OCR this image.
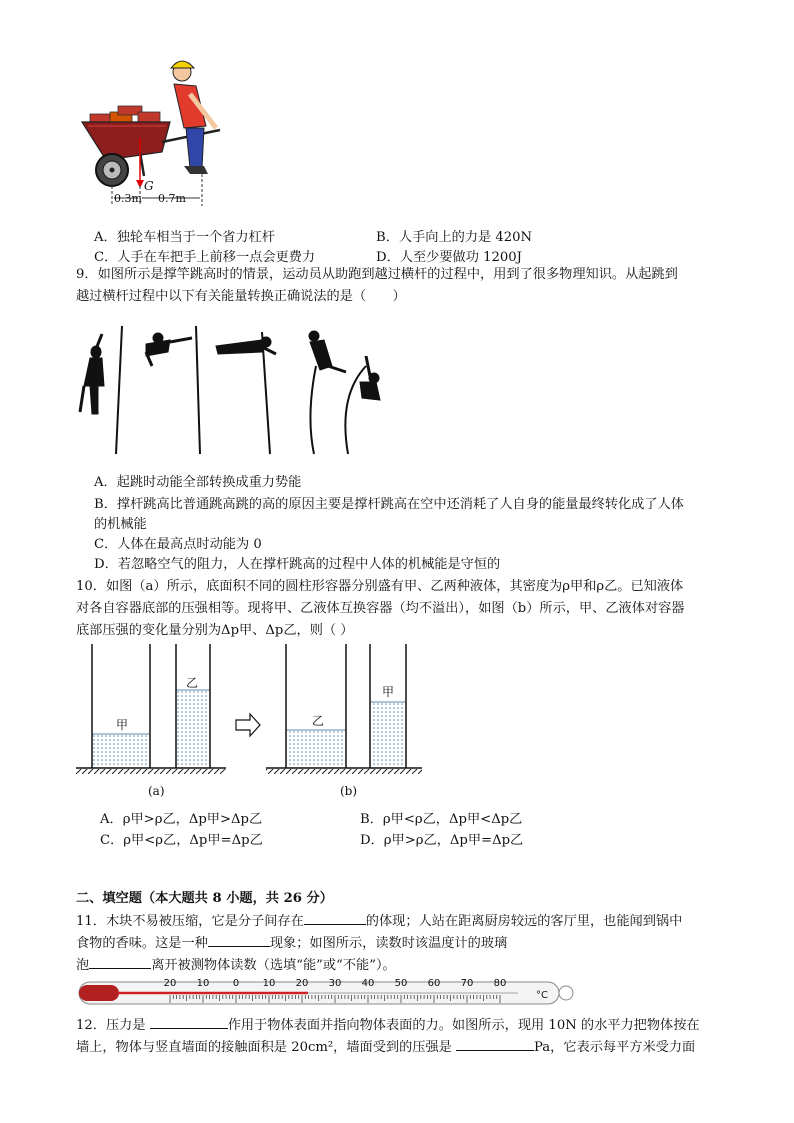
G
0.3m 0.7m
A．独轮车相当于一个省力杠杆	B．人手向上的力是 420N
C．人手在车把手上前移一点会更费力	D．人至少要做功 1200J
9．如图所示是撑竿跳高时的情景，运动员从助跑到越过横杆的过程中，用到了很多物理知识。从起跳到
越过横杆过程中以下有关能量转换正确说法的是（　　）
A．起跳时动能全部转换成重力势能
B．撑杆跳高比普通跳高跳的高的原因主要是撑杆跳高在空中还消耗了人自身的能量最终转化成了人体
的机械能
C．人体在最高点时动能为 0
D．若忽略空气的阻力，人在撑杆跳高的过程中人体的机械能是守恒的
10．如图（a）所示，底面积不同的圆柱形容器分别盛有甲、乙两种液体，其密度为ρ甲和ρ乙。已知液体
对各自容器底部的压强相等。现将甲、乙液体互换容器（均不溢出），如图（b）所示，甲、乙液体对容器
底部压强的变化量分别为Δp甲、Δp乙，则（ ）
甲
乙
乙
甲
(a)	(b)
A．ρ甲>ρ乙，Δp甲>Δp乙	B．ρ甲<ρ乙，Δp甲<Δp乙
C．ρ甲<ρ乙，Δp甲=Δp乙	D．ρ甲>ρ乙，Δp甲=Δp乙
二、填空题（本大题共 8 小题，共 26 分）
11．木块不易被压缩，它是分子间存在	的体现；人站在距离厨房较远的客厅里，也能闻到锅中
食物的香味。这是一种	现象；如图所示，读数时该温度计的玻璃
泡	离开被测物体读数（选填“能”或“不能”）。
20 10 0 10 20 30 40 50 60 70 80
°C
12．压力是	作用于物体表面并指向物体表面的力。如图所示，现用 10N 的水平力把物体按在
墙上，物体与竖直墙面的接触面积是 20cm²，墙面受到的压强是	Pa，它表示每平方米受力面
